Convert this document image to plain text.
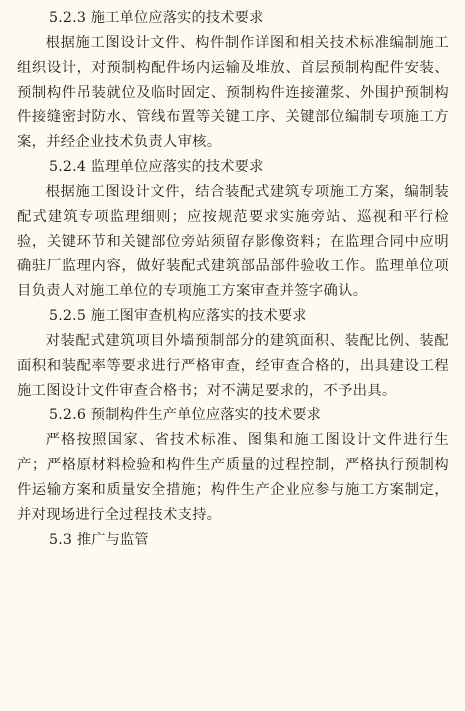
5.2.3 施工单位应落实的技术要求

根据施工图设计文件、构件制作详图和相关技术标准编制施工组织设计，对预制构配件场内运输及堆放、首层预制构配件安装、预制构件吊装就位及临时固定、预制构件连接灌浆、外围护预制构件接缝密封防水、管线布置等关键工序、关键部位编制专项施工方案，并经企业技术负责人审核。

5.2.4 监理单位应落实的技术要求

根据施工图设计文件，结合装配式建筑专项施工方案，编制装配式建筑专项监理细则；应按规范要求实施旁站、巡视和平行检验，关键环节和关键部位旁站须留存影像资料；在监理合同中应明确驻厂监理内容，做好装配式建筑部品部件验收工作。监理单位项目负责人对施工单位的专项施工方案审查并签字确认。

5.2.5 施工图审查机构应落实的技术要求

对装配式建筑项目外墙预制部分的建筑面积、装配比例、装配面积和装配率等要求进行严格审查，经审查合格的，出具建设工程施工图设计文件审查合格书；对不满足要求的，不予出具。

5.2.6 预制构件生产单位应落实的技术要求

严格按照国家、省技术标准、图集和施工图设计文件进行生产；严格原材料检验和构件生产质量的过程控制，严格执行预制构件运输方案和质量安全措施；构件生产企业应参与施工方案制定，并对现场进行全过程技术支持。

5.3 推广与监管
